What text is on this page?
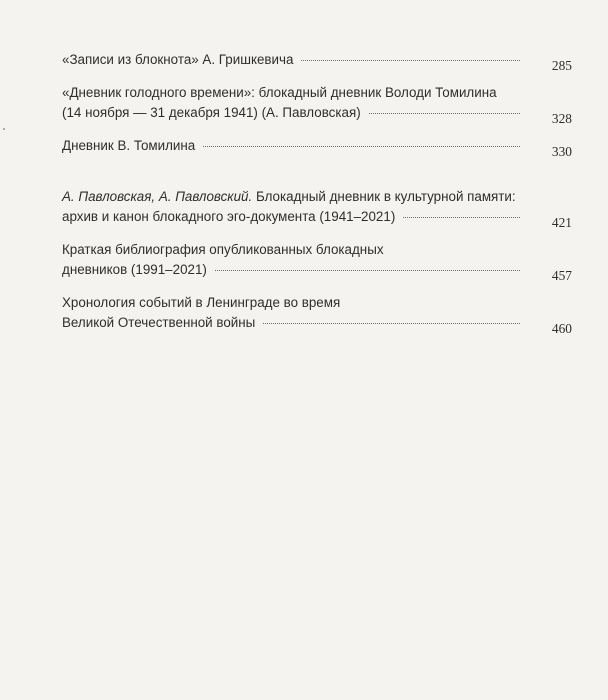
«Записи из блокнота» А. Гришкевича	285
«Дневник голодного времени»: блокадный дневник Володи Томилина
(14 ноября — 31 декабря 1941) (А. Павловская)	328
Дневник В. Томилина	330
А. Павловская, А. Павловский. Блокадный дневник в культурной памяти:
архив и канон блокадного эго-документа (1941–2021)	421
Краткая библиография опубликованных блокадных
дневников (1991–2021)	457
Хронология событий в Ленинграде во время
Великой Отечественной войны	460
